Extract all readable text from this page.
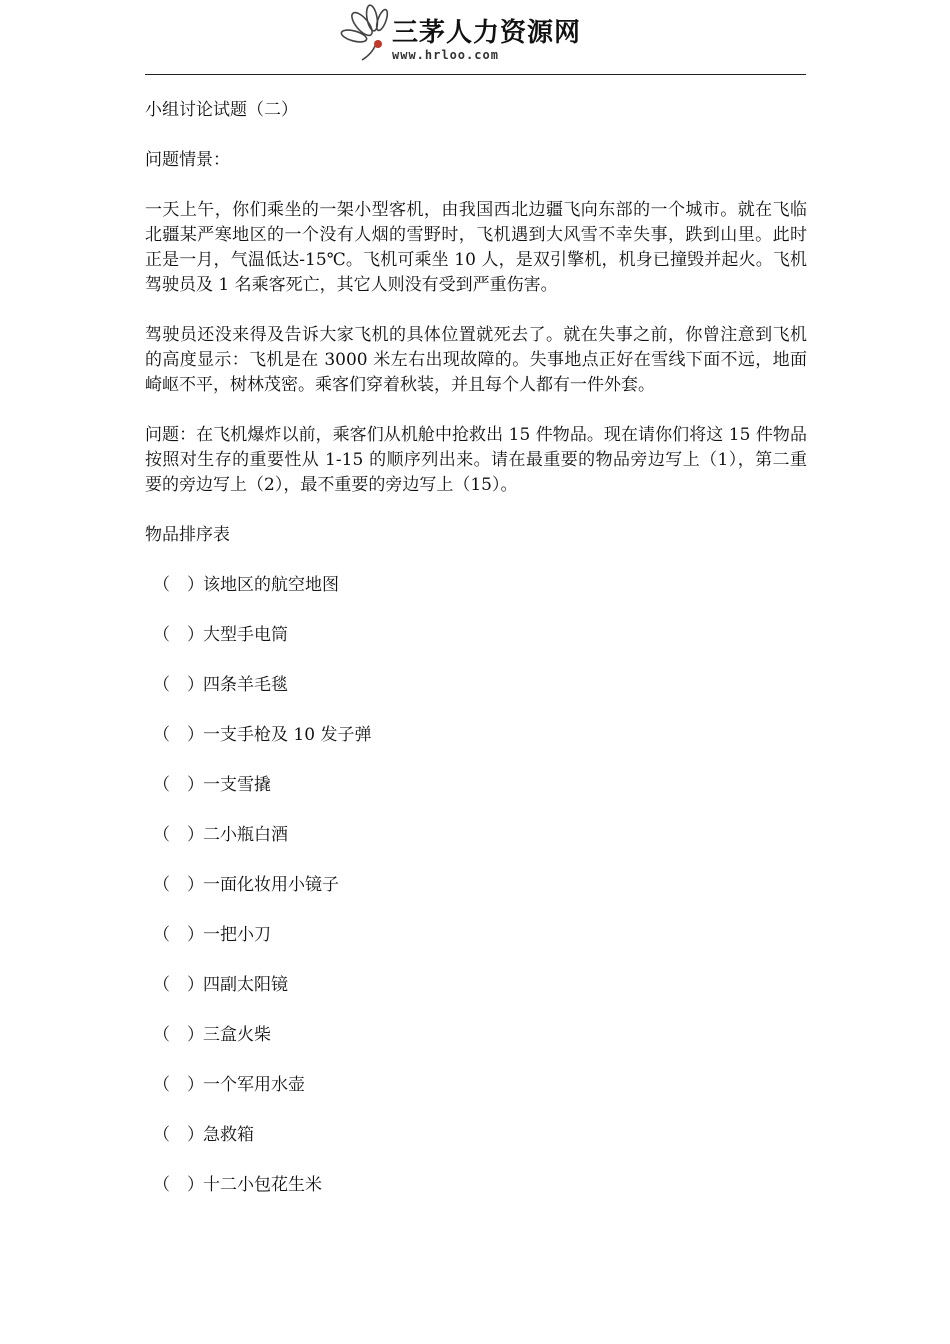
三茅人力资源网
www.hrloo.com

小组讨论试题（二）

问题情景：

一天上午，你们乘坐的一架小型客机，由我国西北边疆飞向东部的一个城市。就在飞临北疆某严寒地区的一个没有人烟的雪野时，飞机遇到大风雪不幸失事，跌到山里。此时正是一月，气温低达-15℃。飞机可乘坐 10 人，是双引擎机，机身已撞毁并起火。飞机驾驶员及 1 名乘客死亡，其它人则没有受到严重伤害。

驾驶员还没来得及告诉大家飞机的具体位置就死去了。就在失事之前，你曾注意到飞机的高度显示：飞机是在 3000 米左右出现故障的。失事地点正好在雪线下面不远，地面崎岖不平，树林茂密。乘客们穿着秋装，并且每个人都有一件外套。

问题：在飞机爆炸以前，乘客们从机舱中抢救出 15 件物品。现在请你们将这 15 件物品按照对生存的重要性从 1-15 的顺序列出来。请在最重要的物品旁边写上（1），第二重要的旁边写上（2），最不重要的旁边写上（15）。

物品排序表

（　）该地区的航空地图
（　）大型手电筒
（　）四条羊毛毯
（　）一支手枪及 10 发子弹
（　）一支雪撬
（　）二小瓶白酒
（　）一面化妆用小镜子
（　）一把小刀
（　）四副太阳镜
（　）三盒火柴
（　）一个军用水壶
（　）急救箱
（　）十二小包花生米
